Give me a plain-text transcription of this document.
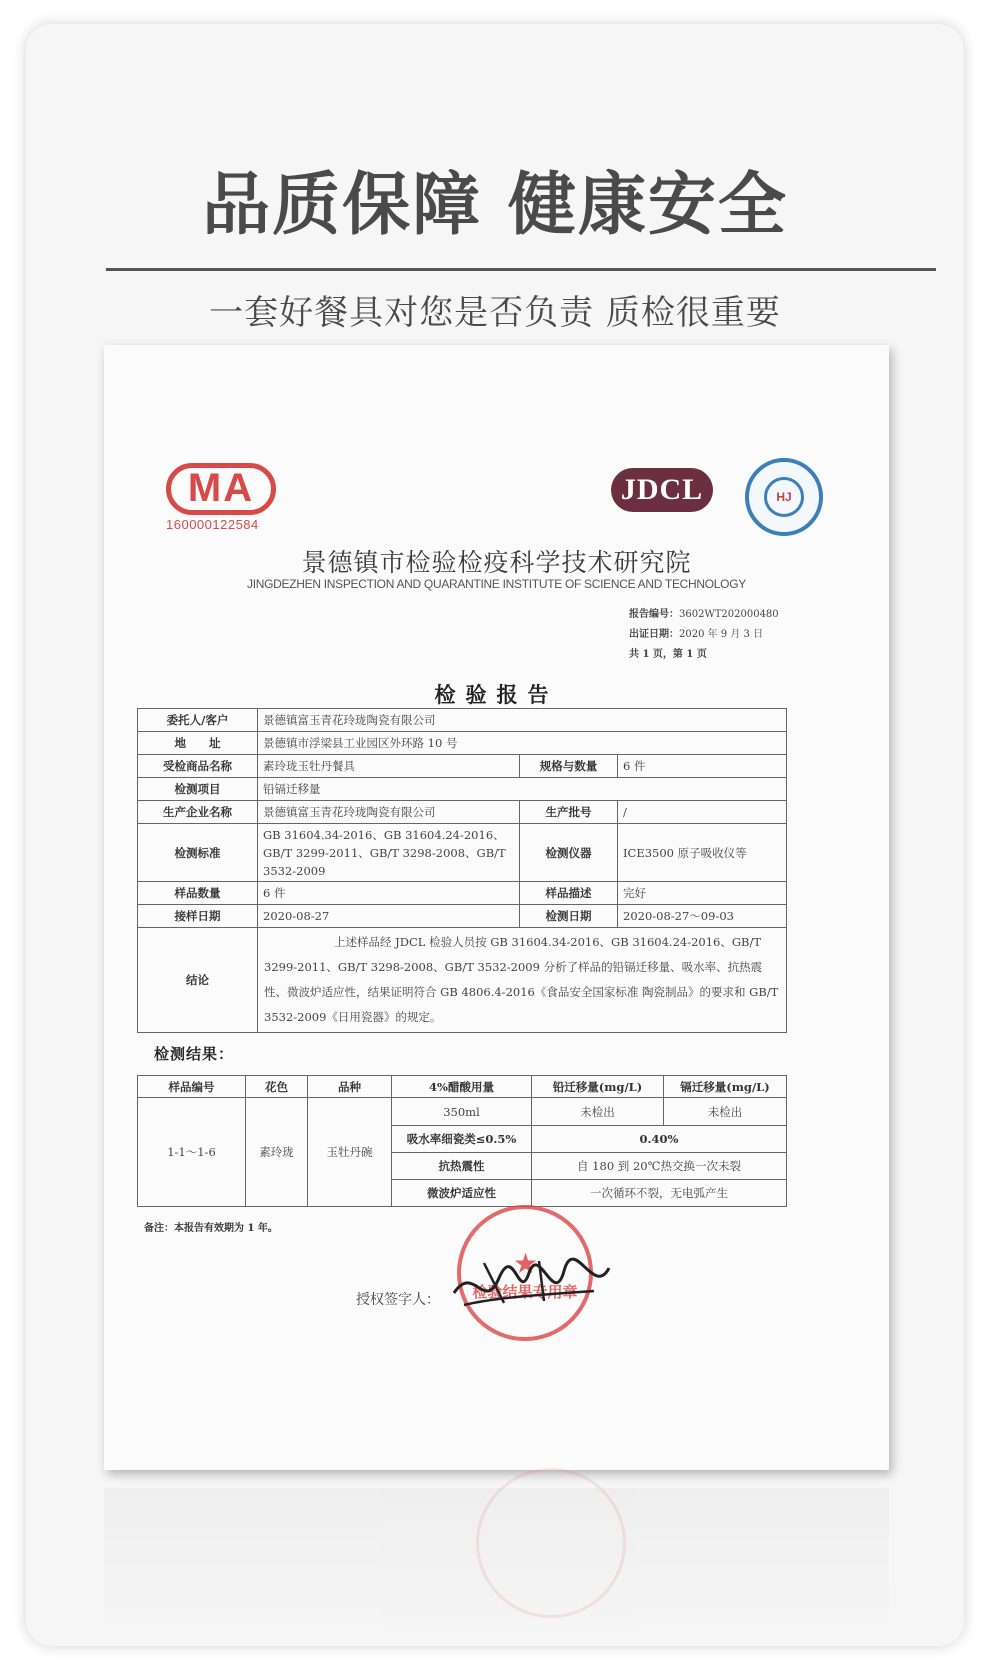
品质保障 健康安全
一套好餐具对您是否负责 质检很重要
MA
160000122584
JDCL	HJ
景德镇市检验检疫科学技术研究院
JINGDEZHEN INSPECTION AND QUARANTINE INSTITUTE OF SCIENCE AND TECHNOLOGY
报告编号：3602WT202000480
出证日期：2020 年 9 月 3 日
共 1 页，第 1 页
检验报告
委托人/客户	景德镇富玉青花玲珑陶瓷有限公司		
地　　址	景德镇市浮梁县工业园区外环路 10 号		
受检商品名称	素玲珑玉牡丹餐具	规格与数量	6 件
检测项目	铅镉迁移量		
生产企业名称	景德镇富玉青花玲珑陶瓷有限公司	生产批号	/
检测标准	GB 31604.34-2016、GB 31604.24-2016、GB/T 3299-2011、GB/T 3298-2008、GB/T 3532-2009	检测仪器	ICE3500 原子吸收仪等
样品数量	6 件	样品描述	完好
接样日期	2020-08-27	检测日期	2020-08-27～09-03
结论	上述样品经 JDCL 检验人员按 GB 31604.34-2016、GB 31604.24-2016、GB/T 3299-2011、GB/T 3298-2008、GB/T 3532-2009 分析了样品的铅镉迁移量、吸水率、抗热震性、微波炉适应性，结果证明符合 GB 4806.4-2016《食品安全国家标准 陶瓷制品》的要求和 GB/T 3532-2009《日用瓷器》的规定。		
检测结果：
样品编号	花色	品种	4%醋酸用量	铅迁移量(mg/L)	镉迁移量(mg/L)
1-1～1-6	素玲珑	玉牡丹碗	350ml	未检出	未检出
			吸水率细瓷类≤0.5%	0.40%	
			抗热震性	自 180 到 20℃热交换一次未裂	
			微波炉适应性	一次循环不裂，无电弧产生	
备注：本报告有效期为 1 年。
授权签字人：
★
检验结果专用章
